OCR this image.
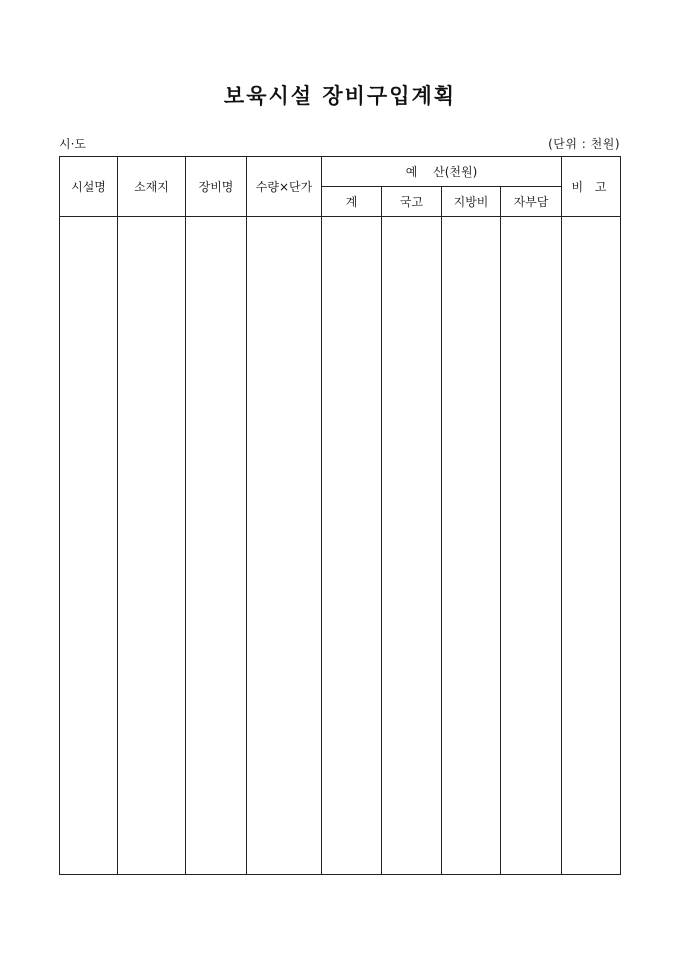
보육시설 장비구입계획
시·도	(단위 : 천원)
시설명	소재지	장비명	수량×단가	예　 산(천원)				비 고
				계	국고	지방비	자부담	
